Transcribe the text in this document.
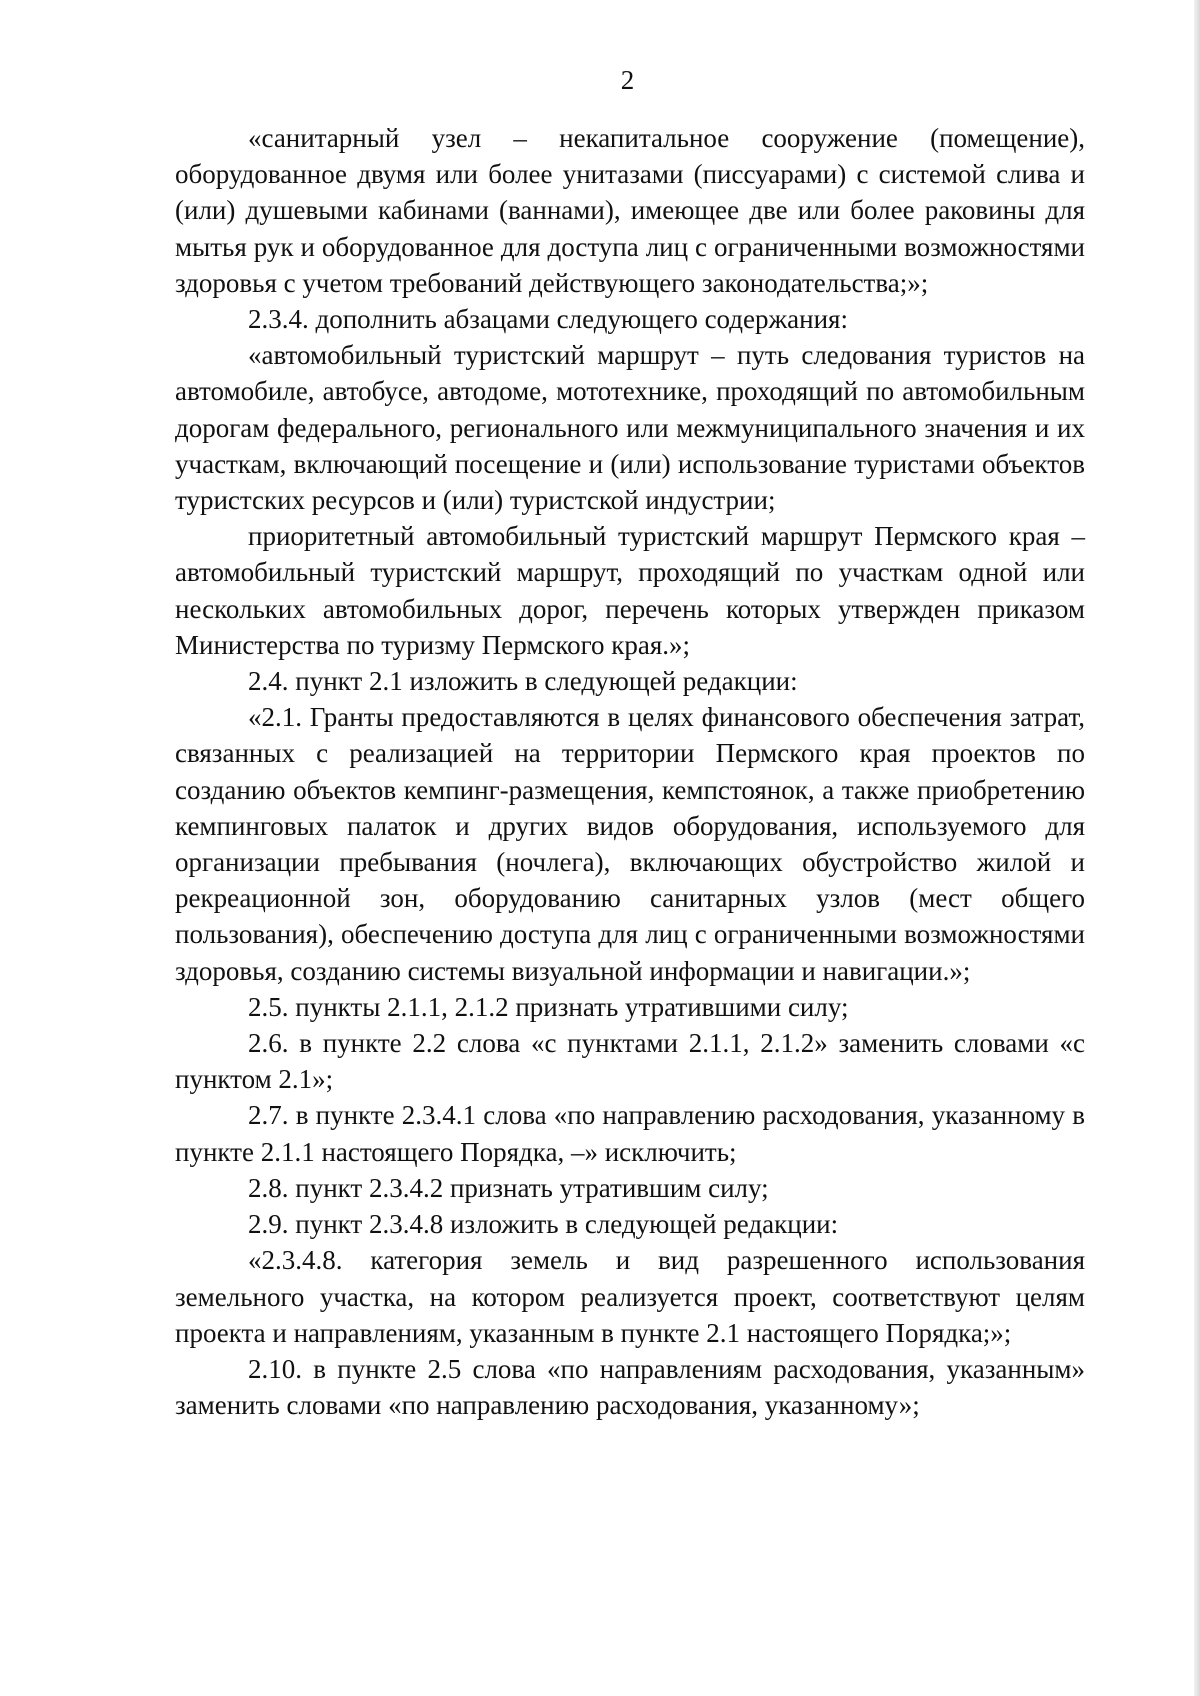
2

«санитарный узел – некапитальное сооружение (помещение), оборудованное двумя или более унитазами (писсуарами) с системой слива и (или) душевыми кабинами (ваннами), имеющее две или более раковины для мытья рук и оборудованное для доступа лиц с ограниченными возможностями здоровья с учетом требований действующего законодательства;»;

2.3.4. дополнить абзацами следующего содержания:

«автомобильный туристский маршрут – путь следования туристов на автомобиле, автобусе, автодоме, мототехнике, проходящий по автомобильным дорогам федерального, регионального или межмуниципального значения и их участкам, включающий посещение и (или) использование туристами объектов туристских ресурсов и (или) туристской индустрии;

приоритетный автомобильный туристский маршрут Пермского края – автомобильный туристский маршрут, проходящий по участкам одной или нескольких автомобильных дорог, перечень которых утвержден приказом Министерства по туризму Пермского края.»;

2.4. пункт 2.1 изложить в следующей редакции:

«2.1. Гранты предоставляются в целях финансового обеспечения затрат, связанных с реализацией на территории Пермского края проектов по созданию объектов кемпинг-размещения, кемпстоянок, а также приобретению кемпинговых палаток и других видов оборудования, используемого для организации пребывания (ночлега), включающих обустройство жилой и рекреационной зон, оборудованию санитарных узлов (мест общего пользования), обеспечению доступа для лиц с ограниченными возможностями здоровья, созданию системы визуальной информации и навигации.»;

2.5. пункты 2.1.1, 2.1.2 признать утратившими силу;

2.6. в пункте 2.2 слова «с пунктами 2.1.1, 2.1.2» заменить словами «с пунктом 2.1»;

2.7. в пункте 2.3.4.1 слова «по направлению расходования, указанному в пункте 2.1.1 настоящего Порядка, –» исключить;

2.8. пункт 2.3.4.2 признать утратившим силу;

2.9. пункт 2.3.4.8 изложить в следующей редакции:

«2.3.4.8. категория земель и вид разрешенного использования земельного участка, на котором реализуется проект, соответствуют целям проекта и направлениям, указанным в пункте 2.1 настоящего Порядка;»;

2.10. в пункте 2.5 слова «по направлениям расходования, указанным» заменить словами «по направлению расходования, указанному»;
